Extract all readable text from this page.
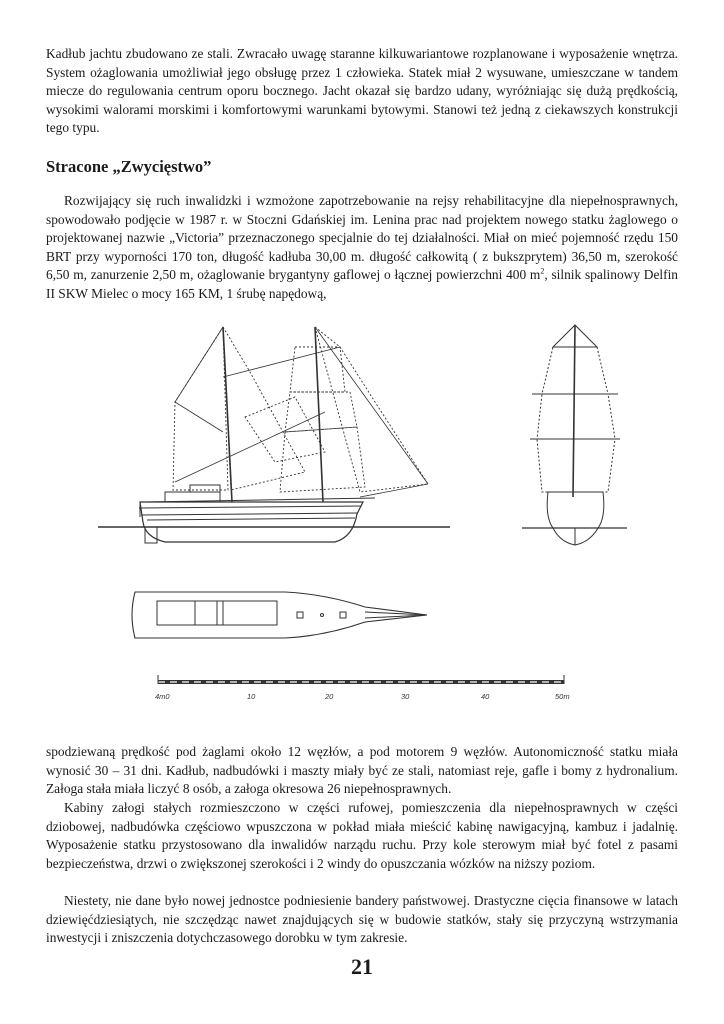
Kadłub jachtu zbudowano ze stali. Zwracało uwagę staranne kilkuwariantowe rozplanowane i wyposażenie wnętrza. System ożaglowania umożliwiał jego obsługę przez 1 człowieka. Statek miał 2 wysuwane, umieszczane w tandem miecze do regulowania centrum oporu bocznego. Jacht okazał się bardzo udany, wyróżniając się dużą prędkością, wysokimi walorami morskimi i komfortowymi warunkami bytowymi. Stanowi też jedną z ciekawszych konstrukcji tego typu.

Stracone „Zwycięstwo”

Rozwijający się ruch inwalidzki i wzmożone zapotrzebowanie na rejsy rehabilitacyjne dla niepełnosprawnych, spowodowało podjęcie w 1987 r. w Stoczni Gdańskiej im. Lenina prac nad projektem nowego statku żaglowego o projektowanej nazwie „Victoria” przeznaczonego specjalnie do tej działalności. Miał on mieć pojemność rzędu 150 BRT przy wyporności 170 ton, długość kadłuba 30,00 m. długość całkowitą ( z bukszprytem) 36,50 m, szerokość 6,50 m, zanurzenie 2,50 m, ożaglowanie brygantyny gaflowej o łącznej powierzchni 400 $m^2$, silnik spalinowy Delfin II SKW Mielec o mocy 165 KM, 1 śrubę napędową,

4m0	10	20	30	40	50m

spodziewaną prędkość pod żaglami około 12 węzłów, a pod motorem 9 węzłów. Autonomiczność statku miała wynosić 30 – 31 dni. Kadłub, nadbudówki i maszty miały być ze stali, natomiast reje, gafle i bomy z hydronalium. Załoga stała miała liczyć 8 osób, a załoga okresowa 26 niepełnosprawnych.

Kabiny załogi stałych rozmieszczono w części rufowej, pomieszczenia dla niepełnosprawnych w części dziobowej, nadbudówka częściowo wpuszczona w pokład miała mieścić kabinę nawigacyjną, kambuz i jadalnię. Wyposażenie statku przystosowano dla inwalidów narządu ruchu. Przy kole sterowym miał być fotel z pasami bezpieczeństwa, drzwi o zwiększonej szerokości i 2 windy do opuszczania wózków na niższy poziom.

Niestety, nie dane było nowej jednostce podniesienie bandery państwowej. Drastyczne cięcia finansowe w latach dziewięćdziesiątych, nie szczędząc nawet znajdujących się w budowie statków, stały się przyczyną wstrzymania inwestycji i zniszczenia dotychczasowego dorobku w tym zakresie.

21
